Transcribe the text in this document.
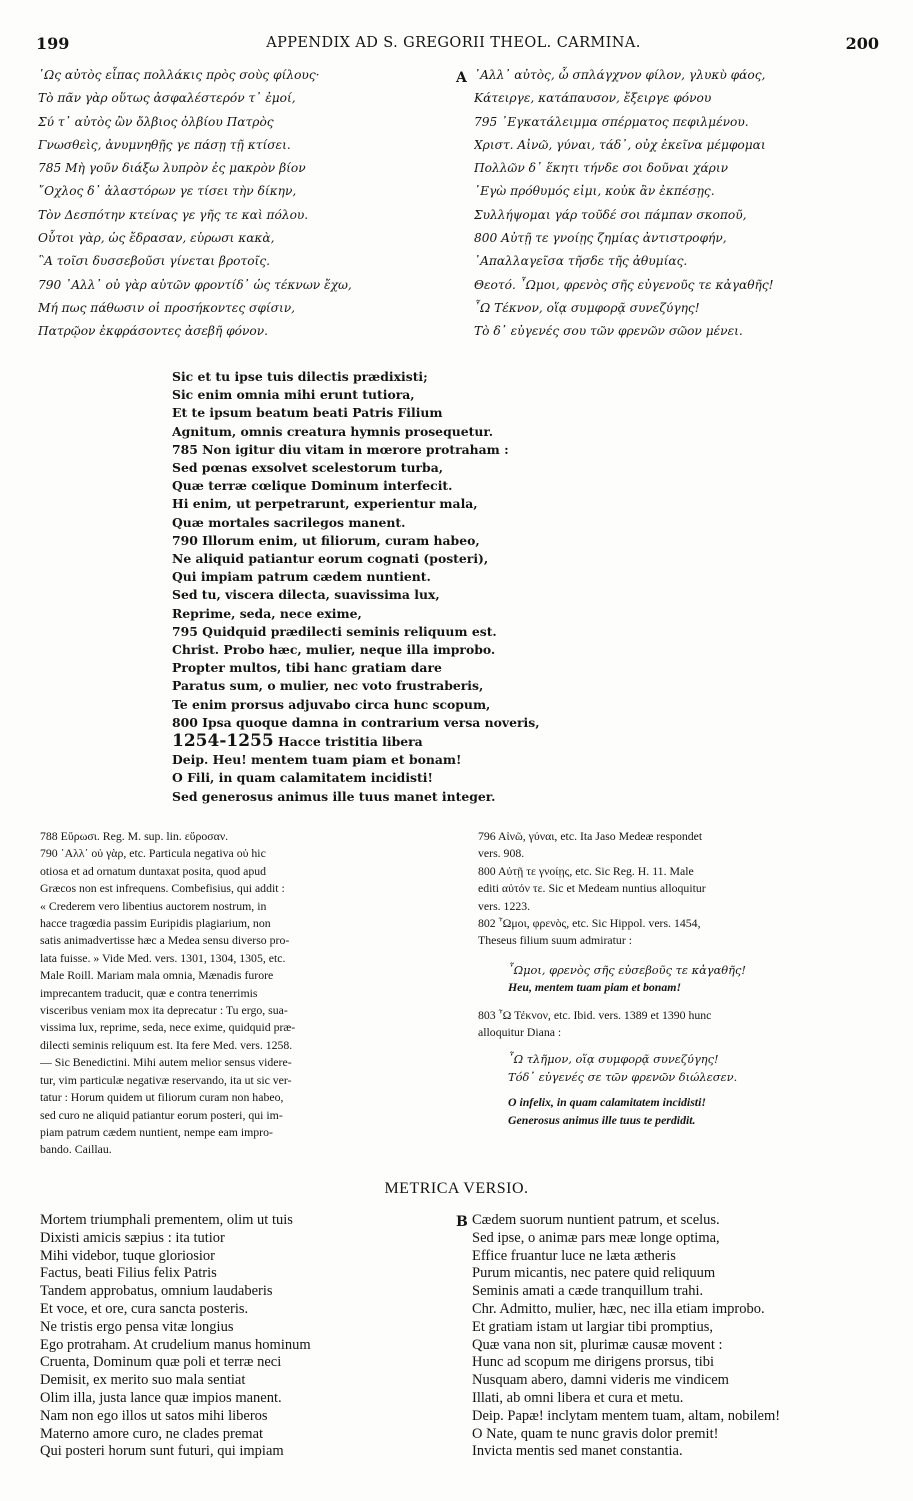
199	APPENDIX AD S. GREGORII THEOL. CARMINA.	200
A
῾Ως αὐτὸς εἶπας πολλάκις πρὸς σοὺς φίλους·
Τὸ πᾶν γὰρ οὕτως ἀσφαλέστερόν τ᾽ ἐμοί,
Σύ τ᾽ αὐτὸς ὢν ὄλβιος ὀλβίου Πατρὸς
Γνωσθεὶς, ἀνυμνηθῇς γε πάσῃ τῇ κτίσει.
785 Μὴ γοῦν διάξω λυπρὸν ἐς μακρὸν βίον
῎Οχλος δ᾽ ἀλαστόρων γε τίσει τὴν δίκην,
Τὸν Δεσπότην κτείνας γε γῆς τε καὶ πόλου.
Οὗτοι γὰρ, ὡς ἔδρασαν, εὑρωσι κακὰ,
῝Α τοῖσι δυσσεβοῦσι γίνεται βροτοῖς.
790 ᾽Αλλ᾽ οὐ γὰρ αὐτῶν φροντίδ᾽ ὡς τέκνων ἔχω,
Μή πως πάθωσιν οἱ προσήκοντες σφίσιν,
Πατρῷον ἐκφράσοντες ἀσεβῆ φόνον.
᾽Αλλ᾽ αὐτὸς, ὦ σπλάγχνον φίλον, γλυκὺ φάος,
Κάτειργε, κατάπαυσον, ἔξειργε φόνου
795 ᾽Εγκατάλειμμα σπέρματος πεφιλμένου.
Χριστ. Αἰνῶ, γύναι, τάδ᾽, οὐχ ἐκεῖνα μέμφομαι
Πολλῶν δ᾽ ἕκητι τήνδε σοι δοῦναι χάριν
᾽Εγὼ πρόθυμός εἰμι, κοὐκ ἂν ἐκπέσῃς.
Συλλήψομαι γάρ τοῦδέ σοι πάμπαν σκοποῦ,
800 Αὐτῇ τε γνοίῃς ζημίας ἀντιστροφήν,
᾽Απαλλαγεῖσα τῆσδε τῆς ἀθυμίας.
Θεοτό. ῏Ωμοι, φρενὸς σῆς εὐγενοῦς τε κἀγαθῆς!
῏Ω Τέκνον, οἵᾳ συμφορᾷ συνεζύγης!
Τὸ δ᾽ εὐγενές σου τῶν φρενῶν σῶον μένει.
Sic et tu ipse tuis dilectis prædixisti;
Sic enim omnia mihi erunt tutiora,
Et te ipsum beatum beati Patris Filium
Agnitum, omnis creatura hymnis prosequetur.
785 Non igitur diu vitam in mœrore protraham :
Sed pœnas exsolvet scelestorum turba,
Quæ terræ cœlique Dominum interfecit.
Hi enim, ut perpetrarunt, experientur mala,
Quæ mortales sacrilegos manent.
790 Illorum enim, ut filiorum, curam habeo,
Ne aliquid patiantur eorum cognati (posteri),
Qui impiam patrum cædem nuntient.
Sed tu, viscera dilecta, suavissima lux,
Reprime, seda, nece exime,
795 Quidquid prædilecti seminis reliquum est.
Christ. Probo hæc, mulier, neque illa improbo.
Propter multos, tibi hanc gratiam dare
Paratus sum, o mulier, nec voto frustraberis,
Te enim prorsus adjuvabo circa hunc scopum,
800 Ipsa quoque damna in contrarium versa noveris,
1254-1255 Hacce tristitia libera
Deip. Heu! mentem tuam piam et bonam!
O Fili, in quam calamitatem incidisti!
Sed generosus animus ille tuus manet integer.
788 Εὕρωσι. Reg. M. sup. lin. εὕροσαν.
790 ᾽Αλλ᾽ οὐ γὰρ, etc. Particula negativa οὐ hic
otiosa et ad ornatum duntaxat posita, quod apud
Græcos non est infrequens. Combefisius, qui addit :
« Crederem vero libentius auctorem nostrum, in
hacce tragœdia passim Euripidis plagiarium, non
satis animadvertisse hæc a Medea sensu diverso pro-
lata fuisse. » Vide Med. vers. 1301, 1304, 1305, etc.
Male Roill. Mariam mala omnia, Mænadis furore
imprecantem traducit, quæ e contra tenerrimis
visceribus veniam mox ita deprecatur : Tu ergo, sua-
vissima lux, reprime, seda, nece exime, quidquid præ-
dilecti seminis reliquum est. Ita fere Med. vers. 1258.
— Sic Benedictini. Mihi autem melior sensus videre-
tur, vim particulæ negativæ reservando, ita ut sic ver-
tatur : Horum quidem ut filiorum curam non habeo,
sed curo ne aliquid patiantur eorum posteri, qui im-
piam patrum cædem nuntient, nempe eam impro-
bando. Caillau.
796 Αἰνῶ, γύναι, etc. Ita Jaso Medeæ respondet
vers. 908.
800 Αὐτῇ τε γνοίῃς, etc. Sic Reg. H. 11. Male
editi αὐτόν τε. Sic et Medeam nuntius alloquitur
vers. 1223.
802 ῏Ωμοι, φρενὸς, etc. Sic Hippol. vers. 1454,
Theseus filium suum admiratur :
῏Ωμοι, φρενὸς σῆς εὐσεβοῦς τε κἀγαθῆς!
Heu, mentem tuam piam et bonam!
803 ῏Ω Τέκνον, etc. Ibid. vers. 1389 et 1390 hunc
alloquitur Diana :
῏Ω τλῆμον, οἵᾳ συμφορᾷ συνεζύγης!
Τόδ᾽ εὐγενές σε τῶν φρενῶν διώλεσεν.
O infelix, in quam calamitatem incidisti!
Generosus animus ille tuus te perdidit.
METRICA VERSIO.
B
Mortem triumphali prementem, olim ut tuis
Dixisti amicis sæpius : ita tutior
Mihi videbor, tuque gloriosior
Factus, beati Filius felix Patris
Tandem approbatus, omnium laudaberis
Et voce, et ore, cura sancta posteris.
Ne tristis ergo pensa vitæ longius
Ego protraham. At crudelium manus hominum
Cruenta, Dominum quæ poli et terræ neci
Demisit, ex merito suo mala sentiat
Olim illa, justa lance quæ impios manent.
Nam non ego illos ut satos mihi liberos
Materno amore curo, ne clades premat
Qui posteri horum sunt futuri, qui impiam
Cædem suorum nuntient patrum, et scelus.
Sed ipse, o animæ pars meæ longe optima,
Effice fruantur luce ne læta ætheris
Purum micantis, nec patere quid reliquum
Seminis amati a cæde tranquillum trahi.
Chr. Admitto, mulier, hæc, nec illa etiam improbo.
Et gratiam istam ut largiar tibi promptius,
Quæ vana non sit, plurimæ causæ movent :
Hunc ad scopum me dirigens prorsus, tibi
Nusquam abero, damni videris me vindicem
Illati, ab omni libera et cura et metu.
Deip. Papæ! inclytam mentem tuam, altam, nobilem!
O Nate, quam te nunc gravis dolor premit!
Invicta mentis sed manet constantia.
